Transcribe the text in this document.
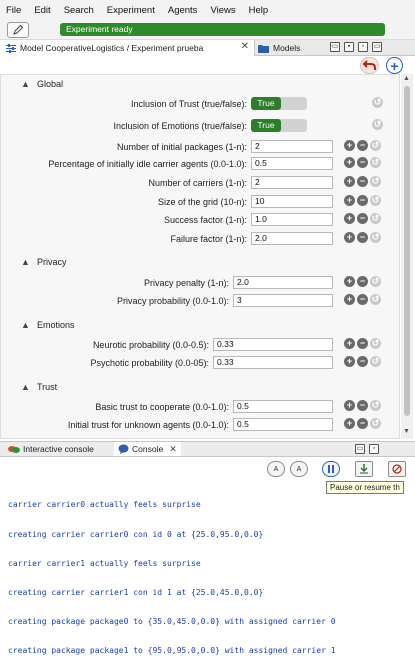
File Edit Search Experiment Agents Views Help
Experiment ready
Model CooperativeLogistics / Experiment prueba	✕	Models	▭	▪	▫	▭
+
▲ Global
Inclusion of Trust (true/false):	True	↺
Inclusion of Emotions (true/false):	True	↺
Number of initial packages (1-n): 2	+ − ↺
Percentage of initially idle carrier agents (0.0-1.0): 0.5	+ − ↺
Number of carriers (1-n): 2	+ − ↺
Size of the grid (10-n): 10	+ − ↺
Success factor (1-n): 1.0	+ − ↺
Failure factor (1-n): 2.0	+ − ↺
▲ Privacy
Privacy penalty (1-n): 2.0	+ − ↺
Privacy probability (0.0-1.0): 3	+ − ↺
▲ Emotions
Neurotic probability (0.0-0.5): 0.33	+ − ↺
Psychotic probability (0.0-05): 0.33	+ − ↺
▲ Trust
Basic trust to cooperate (0.0-1.0): 0.5	+ − ↺
Initial trust for unknown agents (0.0-1.0): 0.5	+ − ↺
▲
▼
Interactive console	Console ✕	▭	▫
A	A
Pause or resume th

carrier carrier0 actually feels surprise

creating carrier carrier0 con id 0 at {25.0,95.0,0.0}

carrier carrier1 actually feels surprise

creating carrier carrier1 con id 1 at {25.0,45.0,0.0}

creating package package0 to {35.0,45.0,0.0} with assigned carrier 0

creating package package1 to {95.0,95.0,0.0} with assigned carrier 1
